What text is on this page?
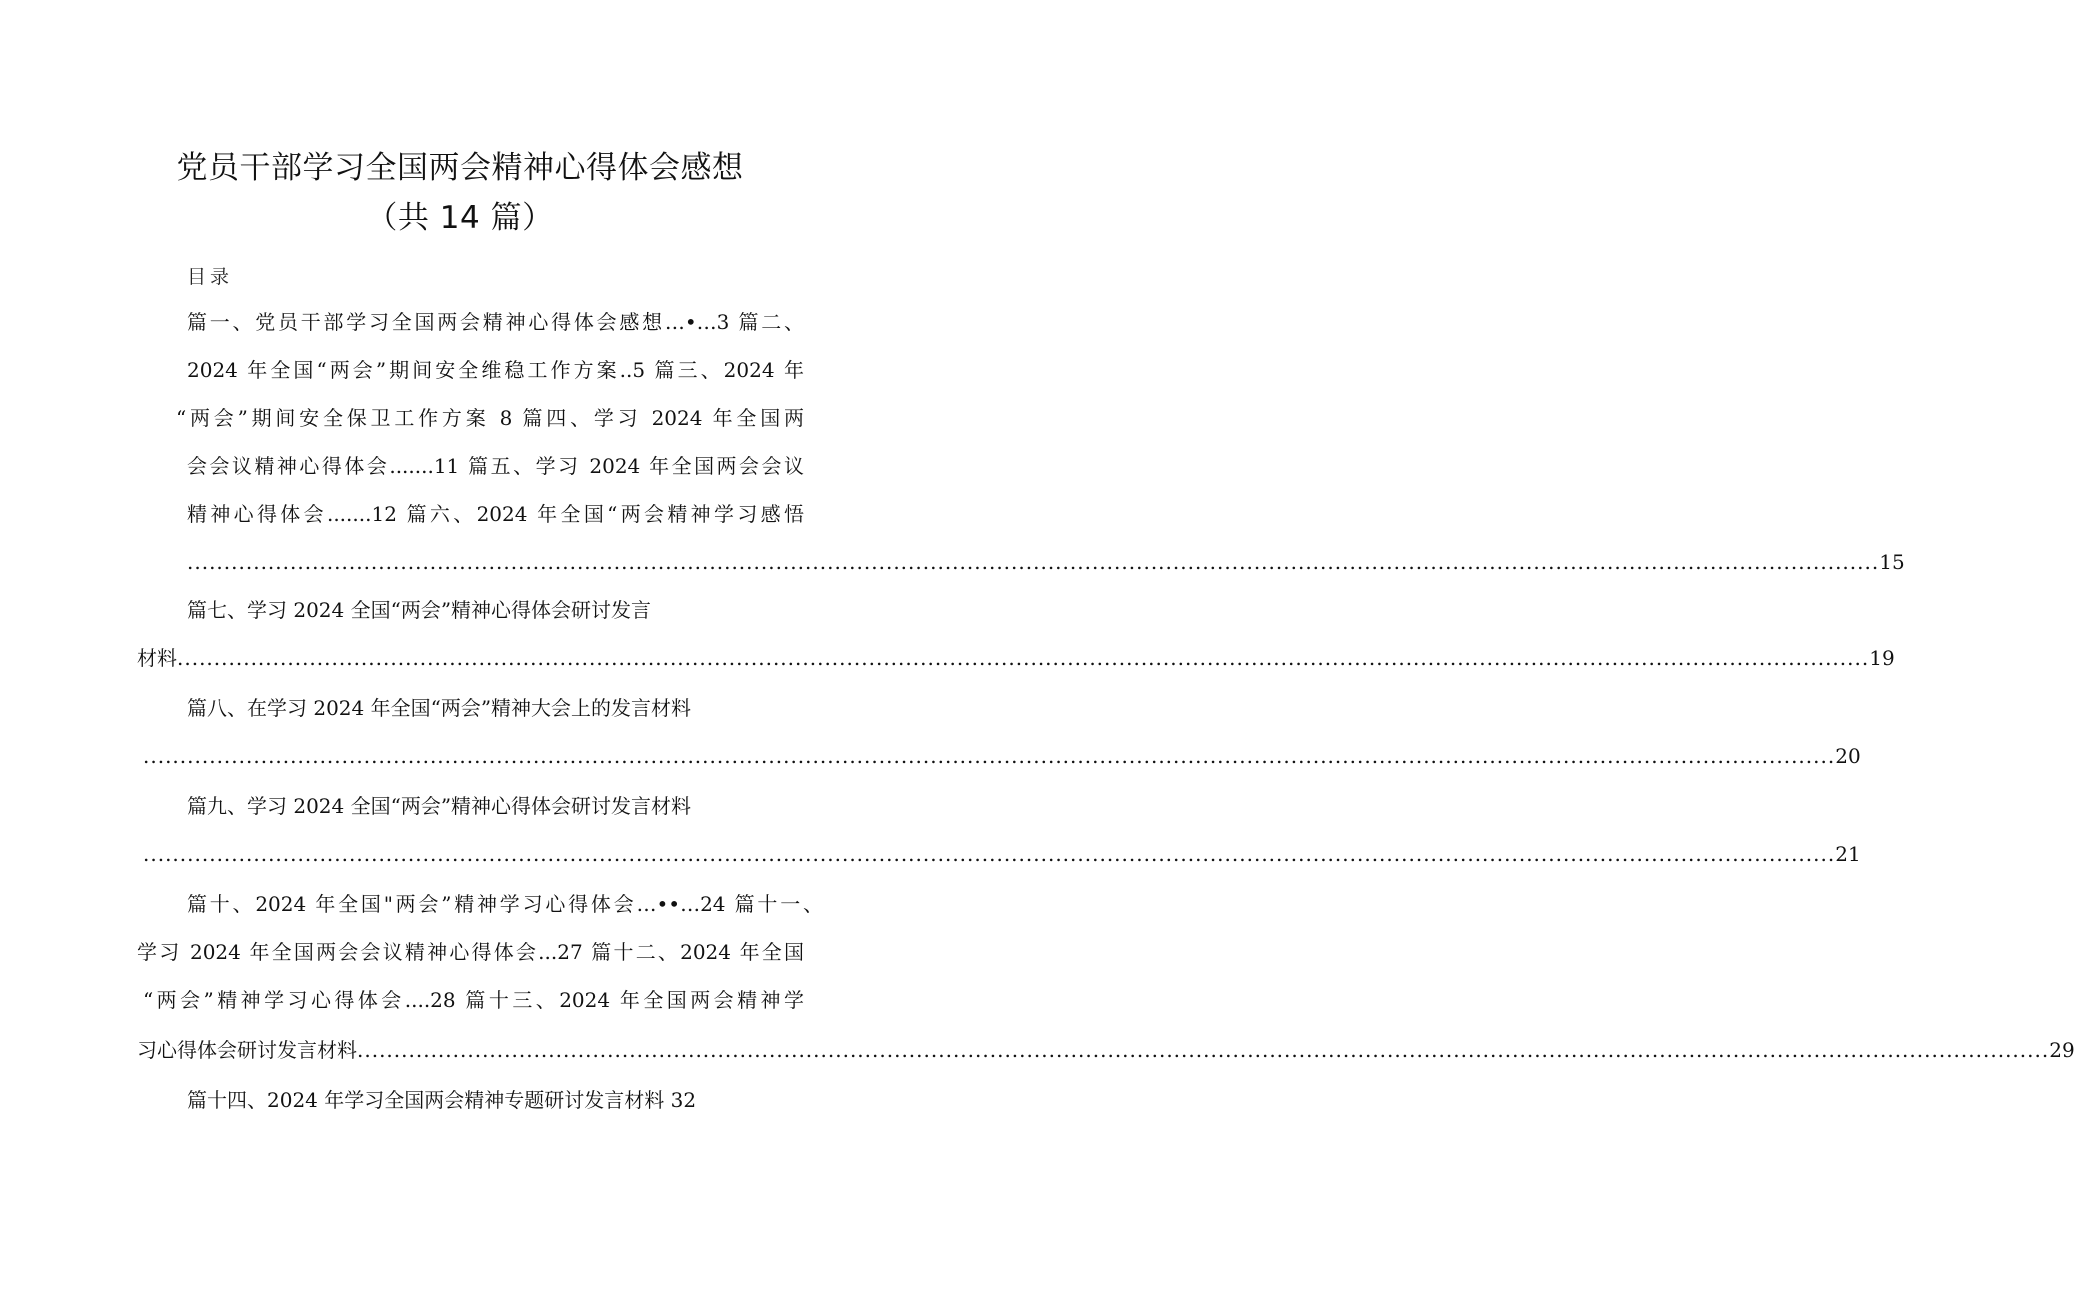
党员干部学习全国两会精神心得体会感想
（共 14 篇）
目录
篇一、党员干部学习全国两会精神心得体会感想…•…3 篇二、
2024 年全国“两会”期间安全维稳工作方案..5 篇三、2024 年
“两会”期间安全保卫工作方案 8 篇四、学习 2024 年全国两
会会议精神心得体会.......11 篇五、学习 2024 年全国两会会议
精神心得体会.......12 篇六、2024 年全国“两会精神学习感悟
...................................................................................................................................................................................................................................... 15
篇七、学习 2024 全国“两会”精神心得体会研讨发言
材料 ...................................................................................................................................................................................................................................... 19
篇八、在学习 2024 年全国“两会”精神大会上的发言材料
...................................................................................................................................................................................................................................... 20
篇九、学习 2024 全国“两会”精神心得体会研讨发言材料
...................................................................................................................................................................................................................................... 21
篇十、2024 年全国"两会”精神学习心得体会…••…24 篇十一、
学习 2024 年全国两会会议精神心得体会...27 篇十二、2024 年全国
“两会”精神学习心得体会....28 篇十三、2024 年全国两会精神学
习心得体会研讨发言材料 ...................................................................................................................................................................................................................................... 29
篇十四、2024 年学习全国两会精神专题研讨发言材料 32
